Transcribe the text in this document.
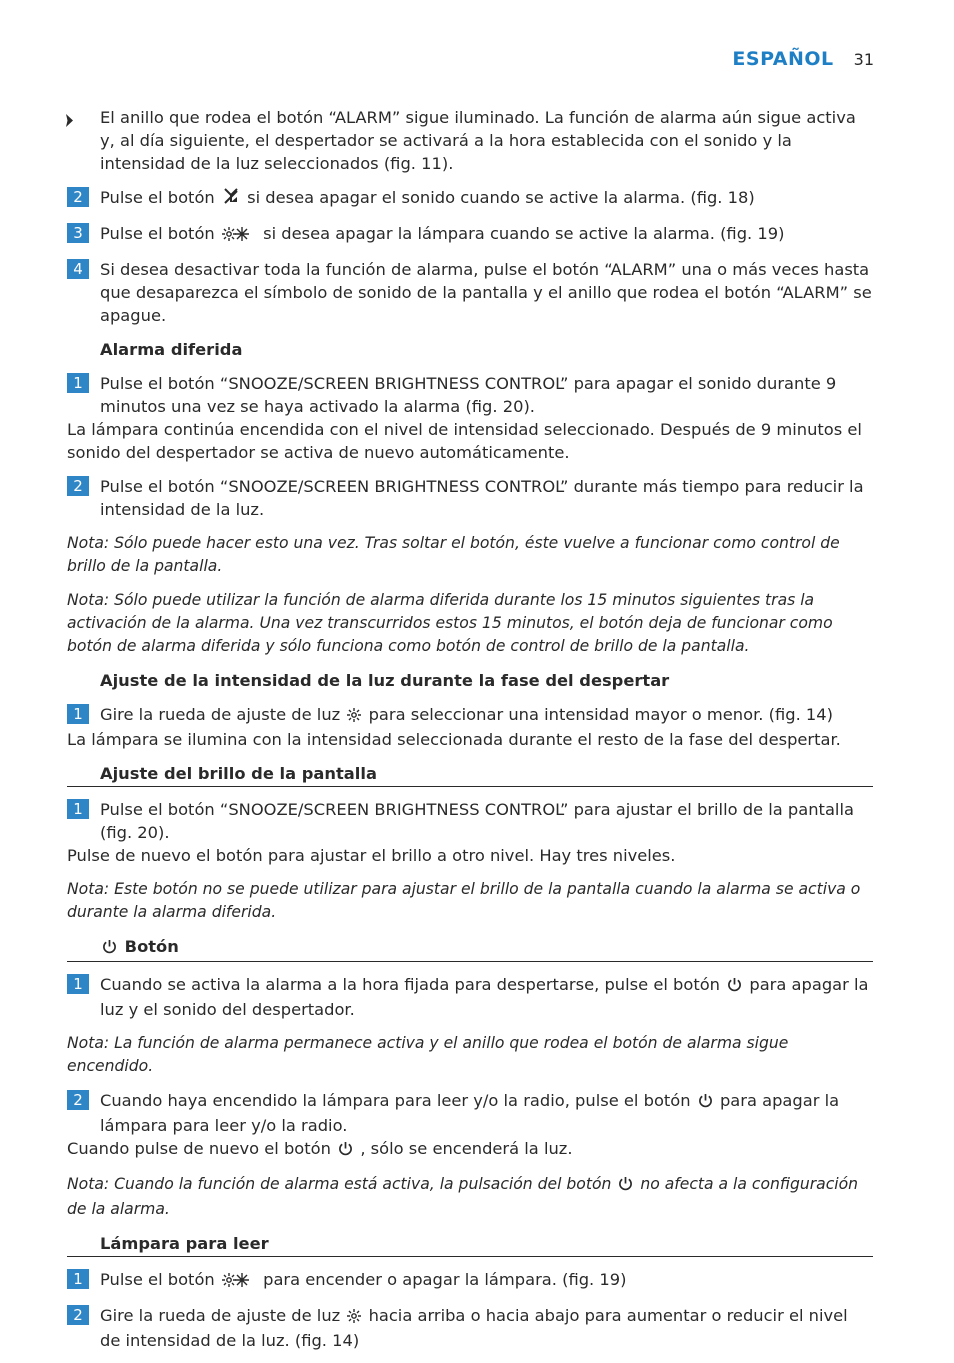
ESPAÑOL 31
El anillo que rodea el botón “ALARM” sigue iluminado. La función de alarma aún sigue activa y, al día siguiente, el despertador se activará a la hora establecida con el sonido y la intensidad de la luz seleccionados (fig. 11).
2	Pulse el botón si desea apagar el sonido cuando se active la alarma. (fig. 18)
3	Pulse el botón	si desea apagar la lámpara cuando se active la alarma. (fig. 19)
4	Si desea desactivar toda la función de alarma, pulse el botón “ALARM” una o más veces hasta que desaparezca el símbolo de sonido de la pantalla y el anillo que rodea el botón “ALARM” se apague.
Alarma diferida
1	Pulse el botón “SNOOZE/SCREEN BRIGHTNESS CONTROL” para apagar el sonido durante 9 minutos una vez se haya activado la alarma (fig. 20).
La lámpara continúa encendida con el nivel de intensidad seleccionado. Después de 9 minutos el sonido del despertador se activa de nuevo automáticamente.
2	Pulse el botón “SNOOZE/SCREEN BRIGHTNESS CONTROL” durante más tiempo para reducir la intensidad de la luz.
Nota: Sólo puede hacer esto una vez. Tras soltar el botón, éste vuelve a funcionar como control de brillo de la pantalla.
Nota: Sólo puede utilizar la función de alarma diferida durante los 15 minutos siguientes tras la activación de la alarma. Una vez transcurridos estos 15 minutos, el botón deja de funcionar como botón de alarma diferida y sólo funciona como botón de control de brillo de la pantalla.
Ajuste de la intensidad de la luz durante la fase del despertar
1	Gire la rueda de ajuste de luz para seleccionar una intensidad mayor o menor. (fig. 14)
La lámpara se ilumina con la intensidad seleccionada durante el resto de la fase del despertar.
Ajuste del brillo de la pantalla
1	Pulse el botón “SNOOZE/SCREEN BRIGHTNESS CONTROL” para ajustar el brillo de la pantalla (fig. 20).
Pulse de nuevo el botón para ajustar el brillo a otro nivel. Hay tres niveles.
Nota: Este botón no se puede utilizar para ajustar el brillo de la pantalla cuando la alarma se activa o durante la alarma diferida.
Botón
1	Cuando se activa la alarma a la hora fijada para despertarse, pulse el botón para apagar la luz y el sonido del despertador.
Nota: La función de alarma permanece activa y el anillo que rodea el botón de alarma sigue encendido.
2	Cuando haya encendido la lámpara para leer y/o la radio, pulse el botón para apagar la lámpara para leer y/o la radio.
Cuando pulse de nuevo el botón , sólo se encenderá la luz.
Nota: Cuando la función de alarma está activa, la pulsación del botón no afecta a la configuración de la alarma.
Lámpara para leer
1	Pulse el botón	para encender o apagar la lámpara. (fig. 19)
2	Gire la rueda de ajuste de luz hacia arriba o hacia abajo para aumentar o reducir el nivel de intensidad de la luz. (fig. 14)
